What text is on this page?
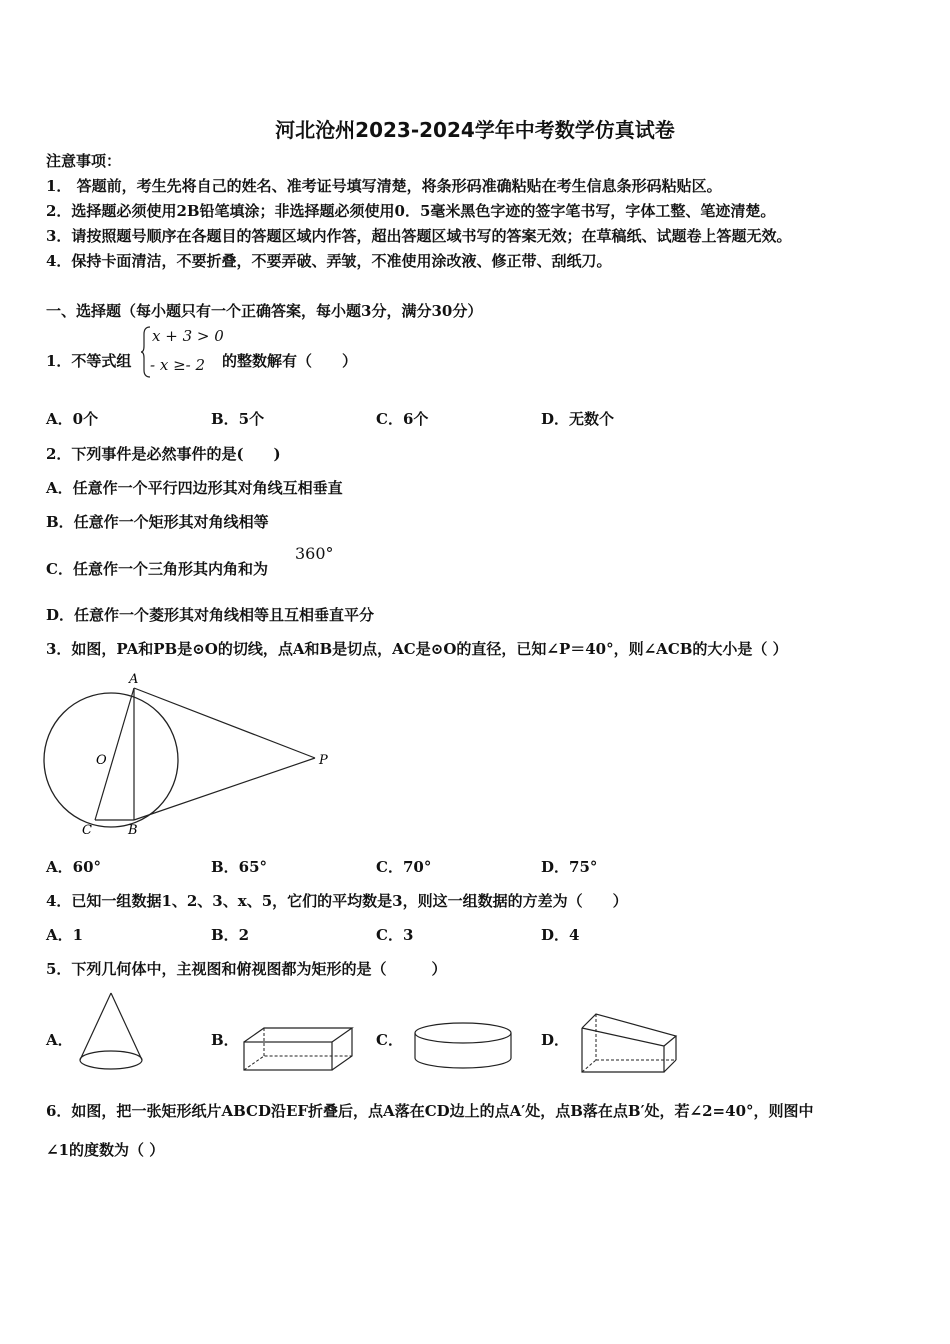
河北沧州2023-2024学年中考数学仿真试卷
注意事项：
1． 答题前，考生先将自己的姓名、准考证号填写清楚，将条形码准确粘贴在考生信息条形码粘贴区。
2．选择题必须使用2B铅笔填涂；非选择题必须使用0．5毫米黑色字迹的签字笔书写，字体工整、笔迹清楚。
3．请按照题号顺序在各题目的答题区域内作答，超出答题区域书写的答案无效；在草稿纸、试题卷上答题无效。
4．保持卡面清洁，不要折叠，不要弄破、弄皱，不准使用涂改液、修正带、刮纸刀。
一、选择题（每小题只有一个正确答案，每小题3分，满分30分）
1．不等式组
x + 3 > 0
- x ≥- 2 的整数解有（　　）
A．0个	B．5个	C．6个	D．无数个
2．下列事件是必然事件的是(　　)
A．任意作一个平行四边形其对角线互相垂直
B．任意作一个矩形其对角线相等
C．任意作一个三角形其内角和为
360°
D．任意作一个菱形其对角线相等且互相垂直平分
3．如图，PA和PB是⊙O的切线，点A和B是切点，AC是⊙O的直径，已知∠P＝40°，则∠ACB的大小是（ ）
A
O	P
C	B
A．60°	B．65°	C．70°	D．75°
4．已知一组数据1、2、3、x、5，它们的平均数是3，则这一组数据的方差为（　　）
A．1	B．2	C．3	D．4
5．下列几何体中，主视图和俯视图都为矩形的是（　　　）
A．	B．	C．	D．
6．如图，把一张矩形纸片ABCD沿EF折叠后，点A落在CD边上的点A′处，点B落在点B′处，若∠2=40°，则图中
∠1的度数为（ ）
